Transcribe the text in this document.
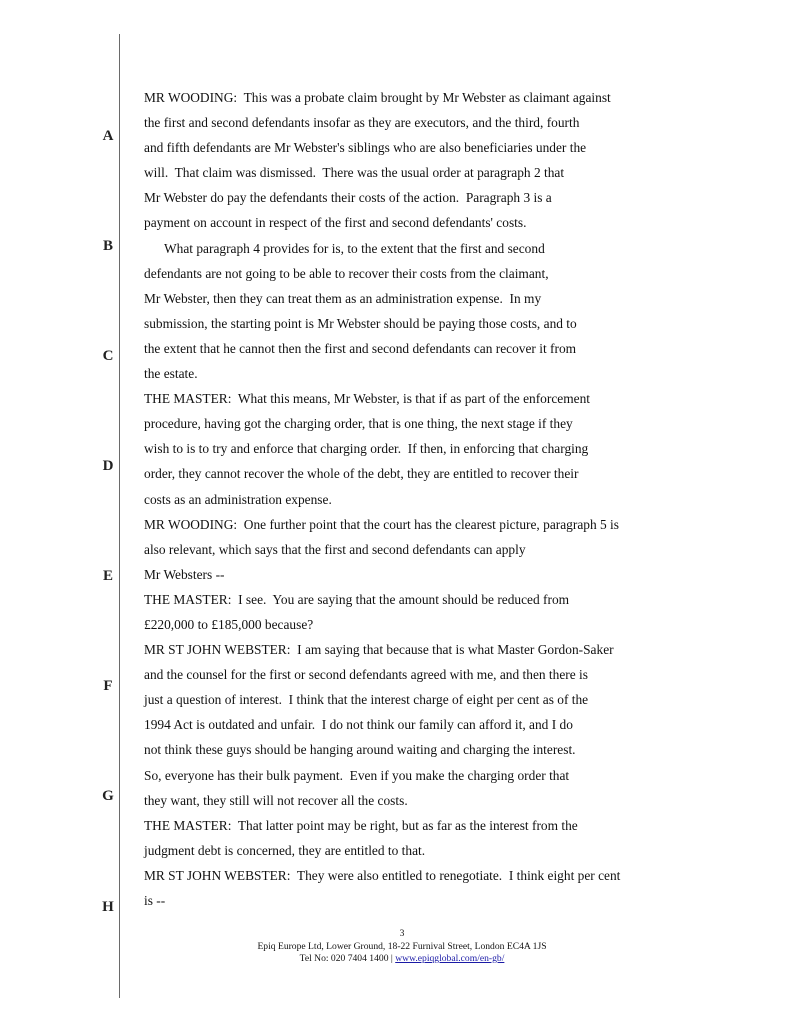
A
B
C
D
E
F
G
H

MR WOODING:  This was a probate claim brought by Mr Webster as claimant against
the first and second defendants insofar as they are executors, and the third, fourth
and fifth defendants are Mr Webster's siblings who are also beneficiaries under the
will.  That claim was dismissed.  There was the usual order at paragraph 2 that
Mr Webster do pay the defendants their costs of the action.  Paragraph 3 is a
payment on account in respect of the first and second defendants' costs.
What paragraph 4 provides for is, to the extent that the first and second
defendants are not going to be able to recover their costs from the claimant,
Mr Webster, then they can treat them as an administration expense.  In my
submission, the starting point is Mr Webster should be paying those costs, and to
the extent that he cannot then the first and second defendants can recover it from
the estate.

THE MASTER:  What this means, Mr Webster, is that if as part of the enforcement
procedure, having got the charging order, that is one thing, the next stage if they
wish to is to try and enforce that charging order.  If then, in enforcing that charging
order, they cannot recover the whole of the debt, they are entitled to recover their
costs as an administration expense.

MR WOODING:  One further point that the court has the clearest picture, paragraph 5 is
also relevant, which says that the first and second defendants can apply
Mr Websters --

THE MASTER:  I see.  You are saying that the amount should be reduced from
£220,000 to £185,000 because?

MR ST JOHN WEBSTER:  I am saying that because that is what Master Gordon-Saker
and the counsel for the first or second defendants agreed with me, and then there is
just a question of interest.  I think that the interest charge of eight per cent as of the
1994 Act is outdated and unfair.  I do not think our family can afford it, and I do
not think these guys should be hanging around waiting and charging the interest.
So, everyone has their bulk payment.  Even if you make the charging order that
they want, they still will not recover all the costs.

THE MASTER:  That latter point may be right, but as far as the interest from the
judgment debt is concerned, they are entitled to that.

MR ST JOHN WEBSTER:  They were also entitled to renegotiate.  I think eight per cent
is --

3
Epiq Europe Ltd, Lower Ground, 18-22 Furnival Street, London EC4A 1JS
Tel No: 020 7404 1400 | www.epiqglobal.com/en-gb/
